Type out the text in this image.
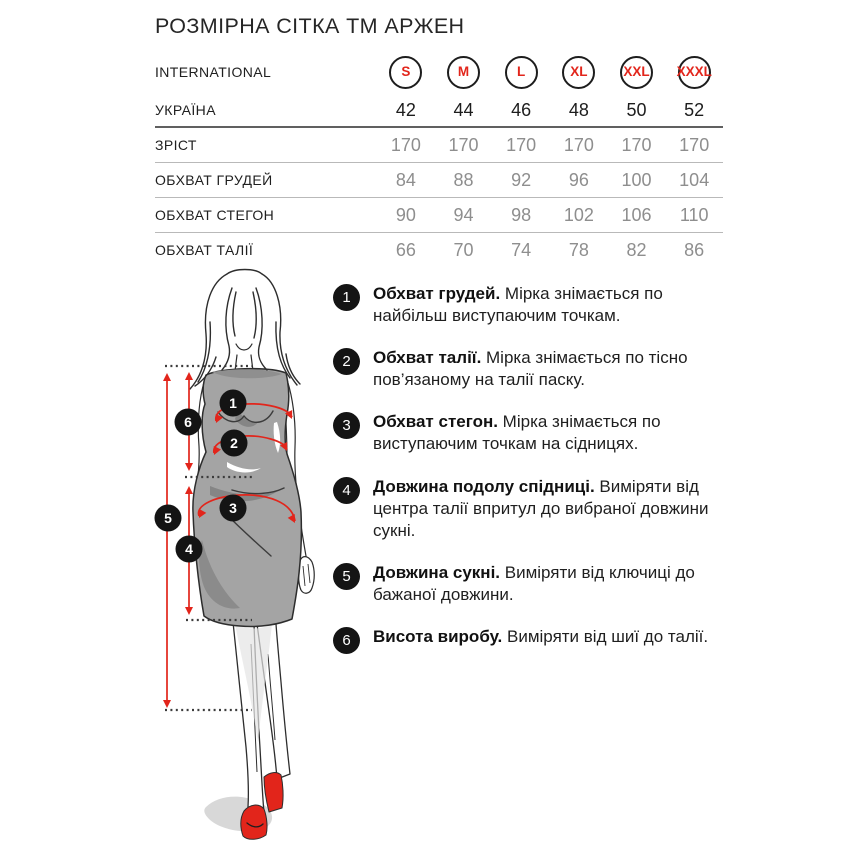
РОЗМІРНА СІТКА ТМ АРЖЕН
INTERNATIONAL	S	M	L	XL	XXL XXXL
УКРАЇНА	42 44 46 48 50 52
ЗРІСТ	170 170 170 170 170 170
ОБХВАТ ГРУДЕЙ	84 88 92 96 100 104
ОБХВАТ СТЕГОН	90 94 98 102 106 110
ОБХВАТ ТАЛІЇ	66 70 74 78 82 86
1	Обхват грудей. Мірка знімається по найбільш виступаючим точкам.
2	Обхват талії. Мірка знімається по тісно пов’язаному на талії паску.
3	Обхват стегон. Мірка знімається по виступаючим точкам на сідницях.
4	Довжина подолу спідниці. Виміряти від центра талії впритул до вибраної довжини сукні.
5	Довжина сукні. Виміряти від ключиці до бажаної довжини.
6	Висота виробу. Виміряти від шиї до талії.
1
2
3
4
5
6
